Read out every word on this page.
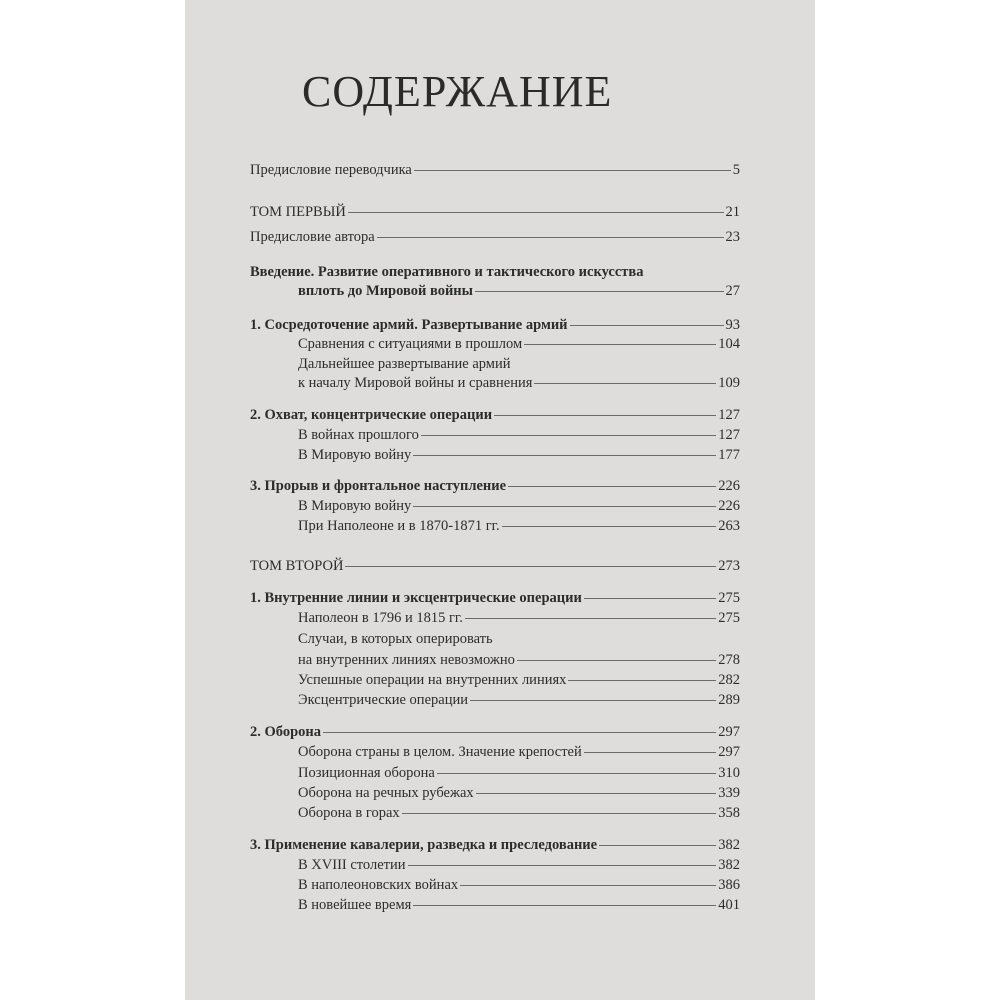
СОДЕРЖАНИЕ
Предисловие переводчика	5
ТОМ ПЕРВЫЙ	21
Предисловие автора	23
Введение. Развитие оперативного и тактического искусства
вплоть до Мировой войны	27
1. Сосредоточение армий. Развертывание армий	93
Сравнения с ситуациями в прошлом	104
Дальнейшее развертывание армий
к началу Мировой войны и сравнения	109
2. Охват, концентрические операции	127
В войнах прошлого	127
В Мировую войну	177
3. Прорыв и фронтальное наступление	226
В Мировую войну	226
При Наполеоне и в 1870-1871 гг.	263
ТОМ ВТОРОЙ	273
1. Внутренние линии и эксцентрические операции	275
Наполеон в 1796 и 1815 гг.	275
Случаи, в которых оперировать
на внутренних линиях невозможно	278
Успешные операции на внутренних линиях	282
Эксцентрические операции	289
2. Оборона	297
Оборона страны в целом. Значение крепостей	297
Позиционная оборона	310
Оборона на речных рубежах	339
Оборона в горах	358
3. Применение кавалерии, разведка и преследование	382
В XVIII столетии	382
В наполеоновских войнах	386
В новейшее время	401
